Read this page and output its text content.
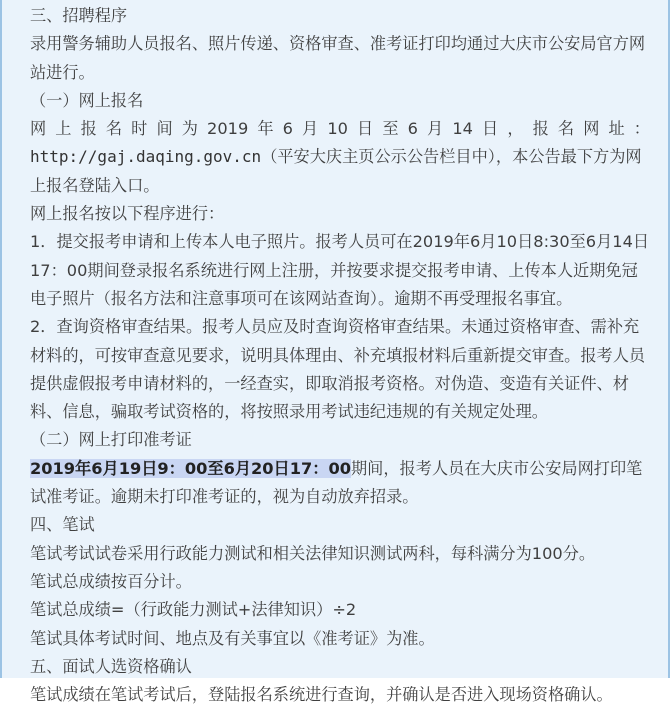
三、招聘程序

录用警务辅助人员报名、照片传递、资格审查、准考证打印均通过大庆市公安局官方网站进行。

（一）网上报名

网上报名时间为2019年6月10日至6月14日，报名网址：
http://gaj.daqing.gov.cn（平安大庆主页公示公告栏目中），本公告最下方为网上报名登陆入口。

网上报名按以下程序进行：

1．提交报考申请和上传本人电子照片。报考人员可在2019年6月10日8:30至6月14日17：00期间登录报名系统进行网上注册，并按要求提交报考申请、上传本人近期免冠电子照片（报名方法和注意事项可在该网站查询）。逾期不再受理报名事宜。

2．查询资格审查结果。报考人员应及时查询资格审查结果。未通过资格审查、需补充材料的，可按审查意见要求，说明具体理由、补充填报材料后重新提交审查。报考人员提供虚假报考申请材料的，一经查实，即取消报考资格。对伪造、变造有关证件、材料、信息，骗取考试资格的，将按照录用考试违纪违规的有关规定处理。

（二）网上打印准考证

2019年6月19日9：00至6月20日17：00期间，报考人员在大庆市公安局网打印笔试准考证。逾期未打印准考证的，视为自动放弃招录。

四、笔试

笔试考试试卷采用行政能力测试和相关法律知识测试两科，每科满分为100分。

笔试总成绩按百分计。

笔试总成绩=（行政能力测试+法律知识）÷2

笔试具体考试时间、地点及有关事宜以《准考证》为准。

五、面试人选资格确认

笔试成绩在笔试考试后，登陆报名系统进行查询，并确认是否进入现场资格确认。
